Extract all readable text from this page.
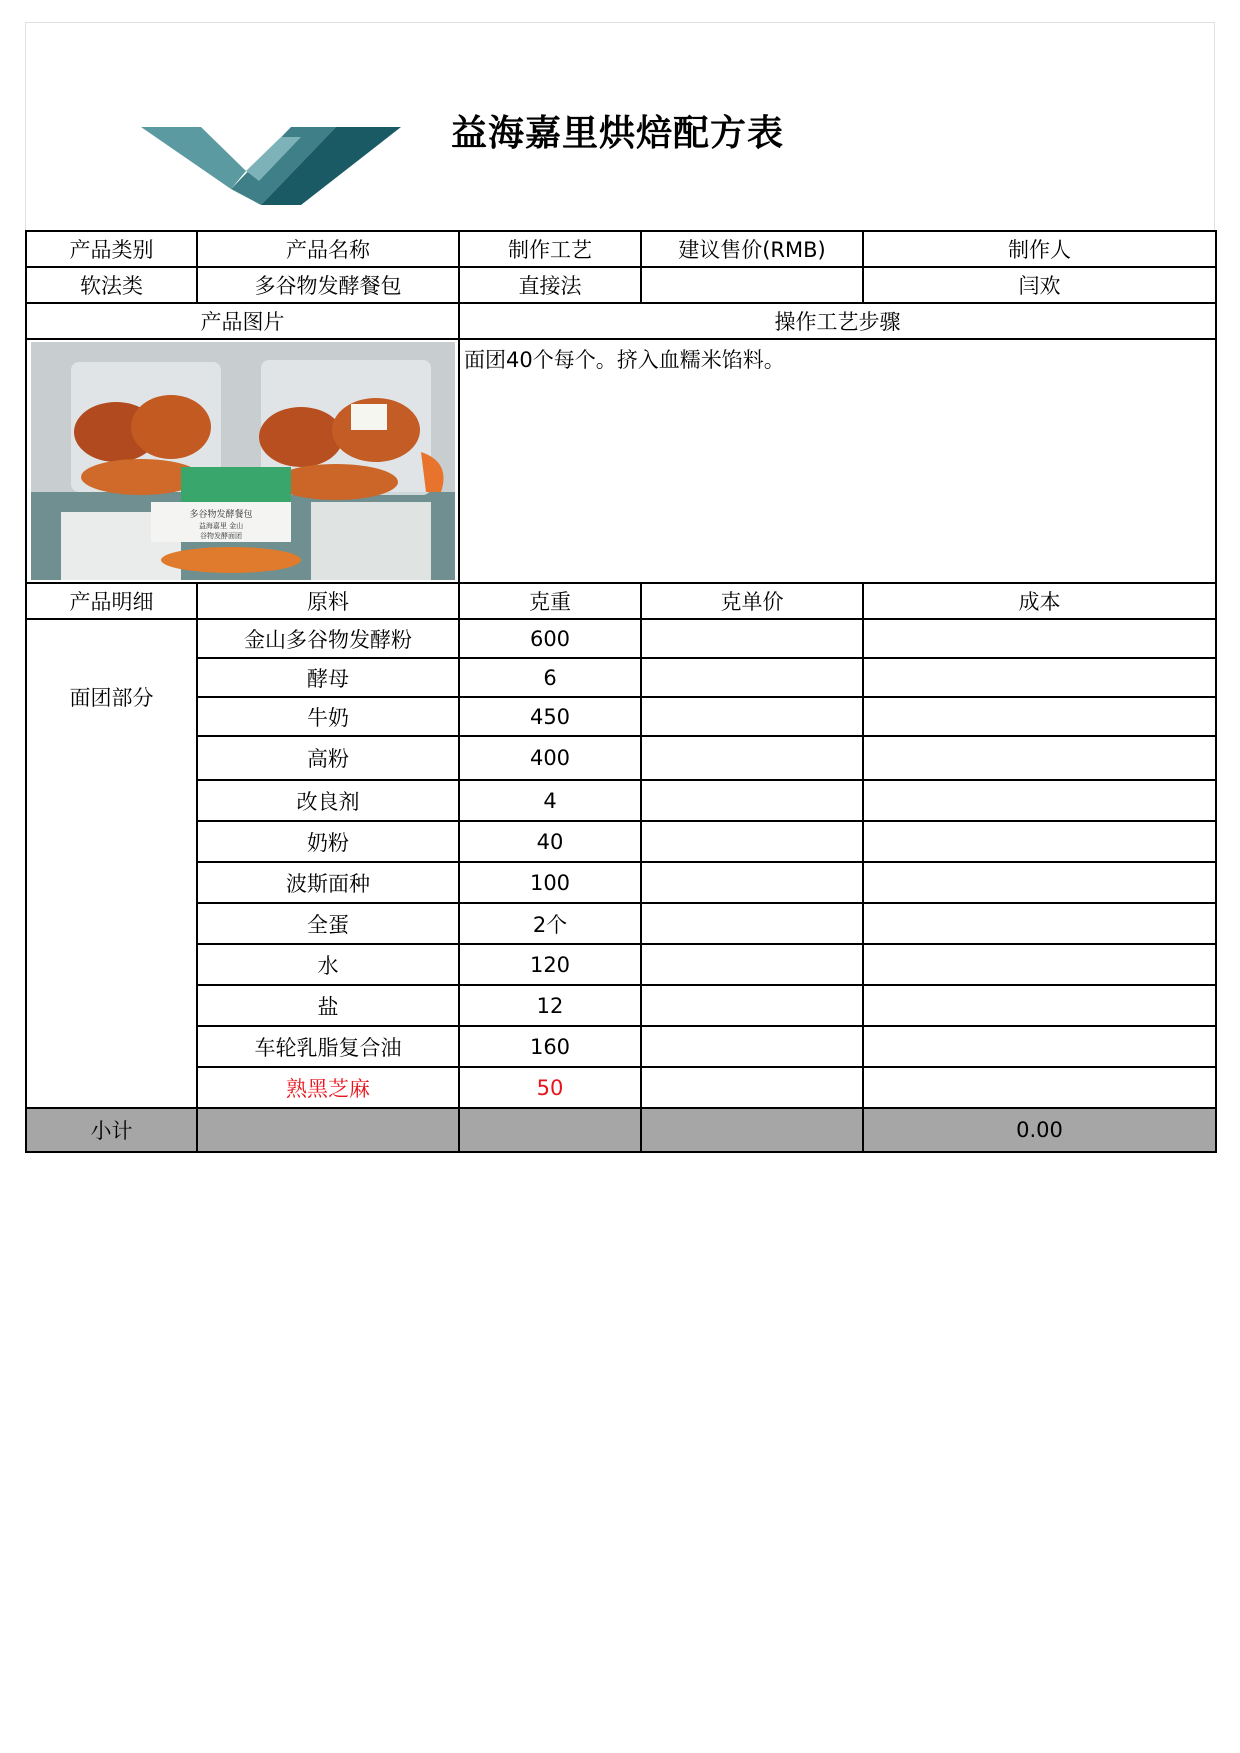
益海嘉里烘焙配方表
产品类别	产品名称	制作工艺	建议售价(RMB)	制作人
软法类	多谷物发酵餐包	直接法		闫欢
产品图片		操作工艺步骤		

多谷物发酵餐包
益海嘉里 金山
谷物发酵面团		面团40个每个。挤入血糯米馅料。		
产品明细	原料	克重	克单价	成本
面团部分	金山多谷物发酵粉	600		
	酵母	6		
	牛奶	450		
	高粉	400		
	改良剂	4		
	奶粉	40		
	波斯面种	100		
	全蛋	2个		
	水	120		
	盐	12		
	车轮乳脂复合油	160		
	熟黑芝麻	50		
小计				0.00
